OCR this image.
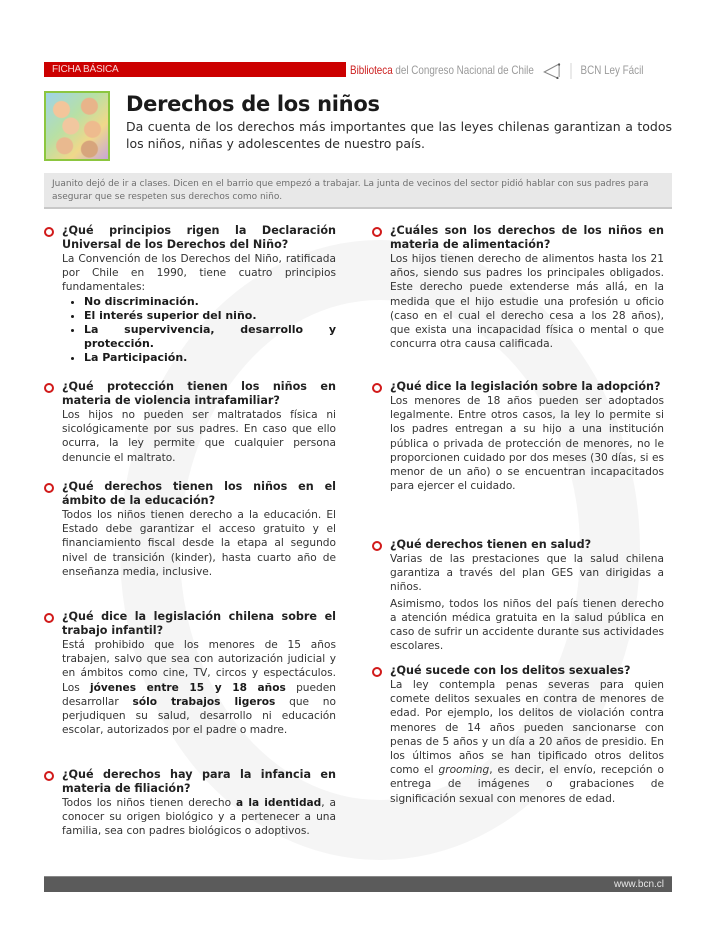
FICHA BÁSICA	Biblioteca del Congreso Nacional de Chile	BCN Ley Fácil
Derechos de los niños
Da cuenta de los derechos más importantes que las leyes chilenas garantizan a todos los niños, niñas y adolescentes de nuestro país.
Juanito dejó de ir a clases. Dicen en el barrio que empezó a trabajar. La junta de vecinos del sector pidió hablar con sus padres para asegurar que se respeten sus derechos como niño.
¿Qué principios rigen la Declaración Universal de los Derechos del Niño?
La Convención de los Derechos del Niño, ratificada por Chile en 1990, tiene cuatro principios fundamentales:
• No discriminación.
• El interés superior del niño.
• La supervivencia, desarrollo y protección.
• La Participación.
¿Qué protección tienen los niños en materia de violencia intrafamiliar?
Los hijos no pueden ser maltratados física ni sicológicamente por sus padres. En caso que ello ocurra, la ley permite que cualquier persona denuncie el maltrato.
¿Qué derechos tienen los niños en el ámbito de la educación?
Todos los niños tienen derecho a la educación. El Estado debe garantizar el acceso gratuito y el financiamiento fiscal desde la etapa al segundo nivel de transición (kinder), hasta cuarto año de enseñanza media, inclusive.
¿Qué dice la legislación chilena sobre el trabajo infantil?
Está prohibido que los menores de 15 años trabajen, salvo que sea con autorización judicial y en ámbitos como cine, TV, circos y espectáculos. Los jóvenes entre 15 y 18 años pueden desarrollar sólo trabajos ligeros que no perjudiquen su salud, desarrollo ni educación escolar, autorizados por el padre o madre.
¿Qué derechos hay para la infancia en materia de filiación?
Todos los niños tienen derecho a la identidad, a conocer su origen biológico y a pertenecer a una familia, sea con padres biológicos o adoptivos.
¿Cuáles son los derechos de los niños en materia de alimentación?
Los hijos tienen derecho de alimentos hasta los 21 años, siendo sus padres los principales obligados. Este derecho puede extenderse más allá, en la medida que el hijo estudie una profesión u oficio (caso en el cual el derecho cesa a los 28 años), que exista una incapacidad física o mental o que concurra otra causa calificada.
¿Qué dice la legislación sobre la adopción?
Los menores de 18 años pueden ser adoptados legalmente. Entre otros casos, la ley lo permite si los padres entregan a su hijo a una institución pública o privada de protección de menores, no le proporcionen cuidado por dos meses (30 días, si es menor de un año) o se encuentran incapacitados para ejercer el cuidado.
¿Qué derechos tienen en salud?
Varias de las prestaciones que la salud chilena garantiza a través del plan GES van dirigidas a niños.
Asimismo, todos los niños del país tienen derecho a atención médica gratuita en la salud pública en caso de sufrir un accidente durante sus actividades escolares.
¿Qué sucede con los delitos sexuales?
La ley contempla penas severas para quien comete delitos sexuales en contra de menores de edad. Por ejemplo, los delitos de violación contra menores de 14 años pueden sancionarse con penas de 5 años y un día a 20 años de presidio. En los últimos años se han tipificado otros delitos como el grooming, es decir, el envío, recepción o entrega de imágenes o grabaciones de significación sexual con menores de edad.
www.bcn.cl
